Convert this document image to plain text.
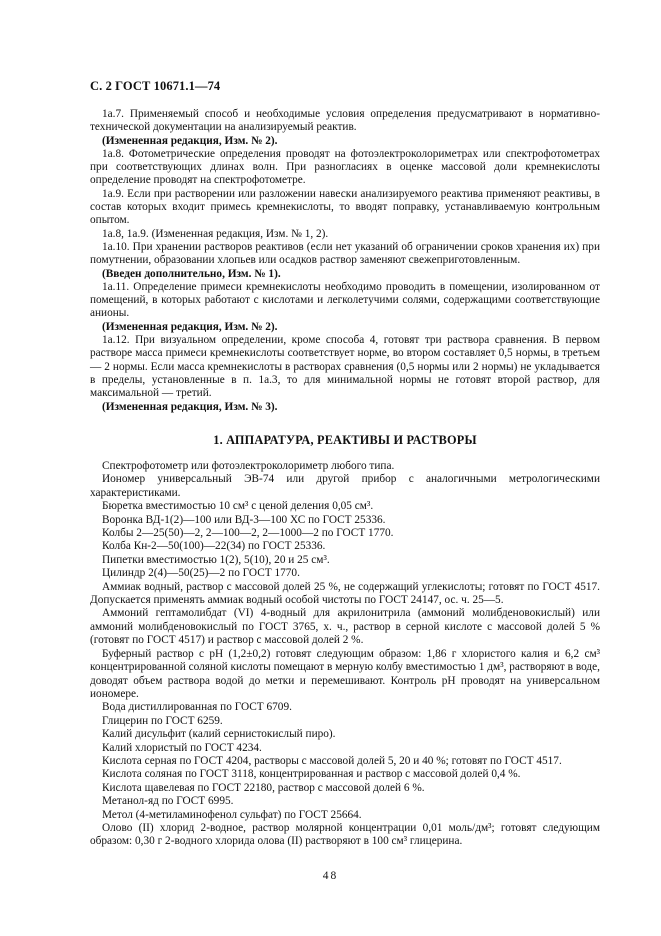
С. 2 ГОСТ 10671.1—74

1а.7. Применяемый способ и необходимые условия определения предусматривают в нормативно-технической документации на анализируемый реактив.

(Измененная редакция, Изм. № 2).

1а.8. Фотометрические определения проводят на фотоэлектроколориметрах или спектрофотометрах при соответствующих длинах волн. При разногласиях в оценке массовой доли кремнекислоты определение проводят на спектрофотометре.

1а.9. Если при растворении или разложении навески анализируемого реактива применяют реактивы, в состав которых входит примесь кремнекислоты, то вводят поправку, устанавливаемую контрольным опытом.

1а.8, 1а.9. (Измененная редакция, Изм. № 1, 2).

1а.10. При хранении растворов реактивов (если нет указаний об ограничении сроков хранения их) при помутнении, образовании хлопьев или осадков раствор заменяют свежеприготовленным.

(Введен дополнительно, Изм. № 1).

1а.11. Определение примеси кремнекислоты необходимо проводить в помещении, изолированном от помещений, в которых работают с кислотами и легколетучими солями, содержащими соответствующие анионы.

(Измененная редакция, Изм. № 2).

1а.12. При визуальном определении, кроме способа 4, готовят три раствора сравнения. В первом растворе масса примеси кремнекислоты соответствует норме, во втором составляет 0,5 нормы, в третьем — 2 нормы. Если масса кремнекислоты в растворах сравнения (0,5 нормы или 2 нормы) не укладывается в пределы, установленные в п. 1а.3, то для минимальной нормы не готовят второй раствор, для максимальной — третий.

(Измененная редакция, Изм. № 3).

1. АППАРАТУРА, РЕАКТИВЫ И РАСТВОРЫ

Спектрофотометр или фотоэлектроколориметр любого типа.

Иономер универсальный ЭВ-74 или другой прибор с аналогичными метрологическими характеристиками.

Бюретка вместимостью 10 см³ с ценой деления 0,05 см³.

Воронка ВД-1(2)—100 или ВД-3—100 ХС по ГОСТ 25336.

Колбы 2—25(50)—2, 2—100—2, 2—1000—2 по ГОСТ 1770.

Колба Кн-2—50(100)—22(34) по ГОСТ 25336.

Пипетки вместимостью 1(2), 5(10), 20 и 25 см³.

Цилиндр 2(4)—50(25)—2 по ГОСТ 1770.

Аммиак водный, раствор с массовой долей 25 %, не содержащий углекислоты; готовят по ГОСТ 4517. Допускается применять аммиак водный особой чистоты по ГОСТ 24147, ос. ч. 25—5.

Аммоний гептамолибдат (VI) 4-водный для акрилонитрила (аммоний молибденовокислый) или аммоний молибденовокислый по ГОСТ 3765, х. ч., раствор в серной кислоте с массовой долей 5 % (готовят по ГОСТ 4517) и раствор с массовой долей 2 %.

Буферный раствор с рН (1,2±0,2) готовят следующим образом: 1,86 г хлористого калия и 6,2 см³ концентрированной соляной кислоты помещают в мерную колбу вместимостью 1 дм³, растворяют в воде, доводят объем раствора водой до метки и перемешивают. Контроль рН проводят на универсальном иономере.

Вода дистиллированная по ГОСТ 6709.

Глицерин по ГОСТ 6259.

Калий дисульфит (калий сернистокислый пиро).

Калий хлористый по ГОСТ 4234.

Кислота серная по ГОСТ 4204, растворы с массовой долей 5, 20 и 40 %; готовят по ГОСТ 4517.

Кислота соляная по ГОСТ 3118, концентрированная и раствор с массовой долей 0,4 %.

Кислота щавелевая по ГОСТ 22180, раствор с массовой долей 6 %.

Метанол-яд по ГОСТ 6995.

Метол (4-метиламинофенол сульфат) по ГОСТ 25664.

Олово (II) хлорид 2-водное, раствор молярной концентрации 0,01 моль/дм³; готовят следующим образом: 0,30 г 2-водного хлорида олова (II) растворяют в 100 см³ глицерина.

48
